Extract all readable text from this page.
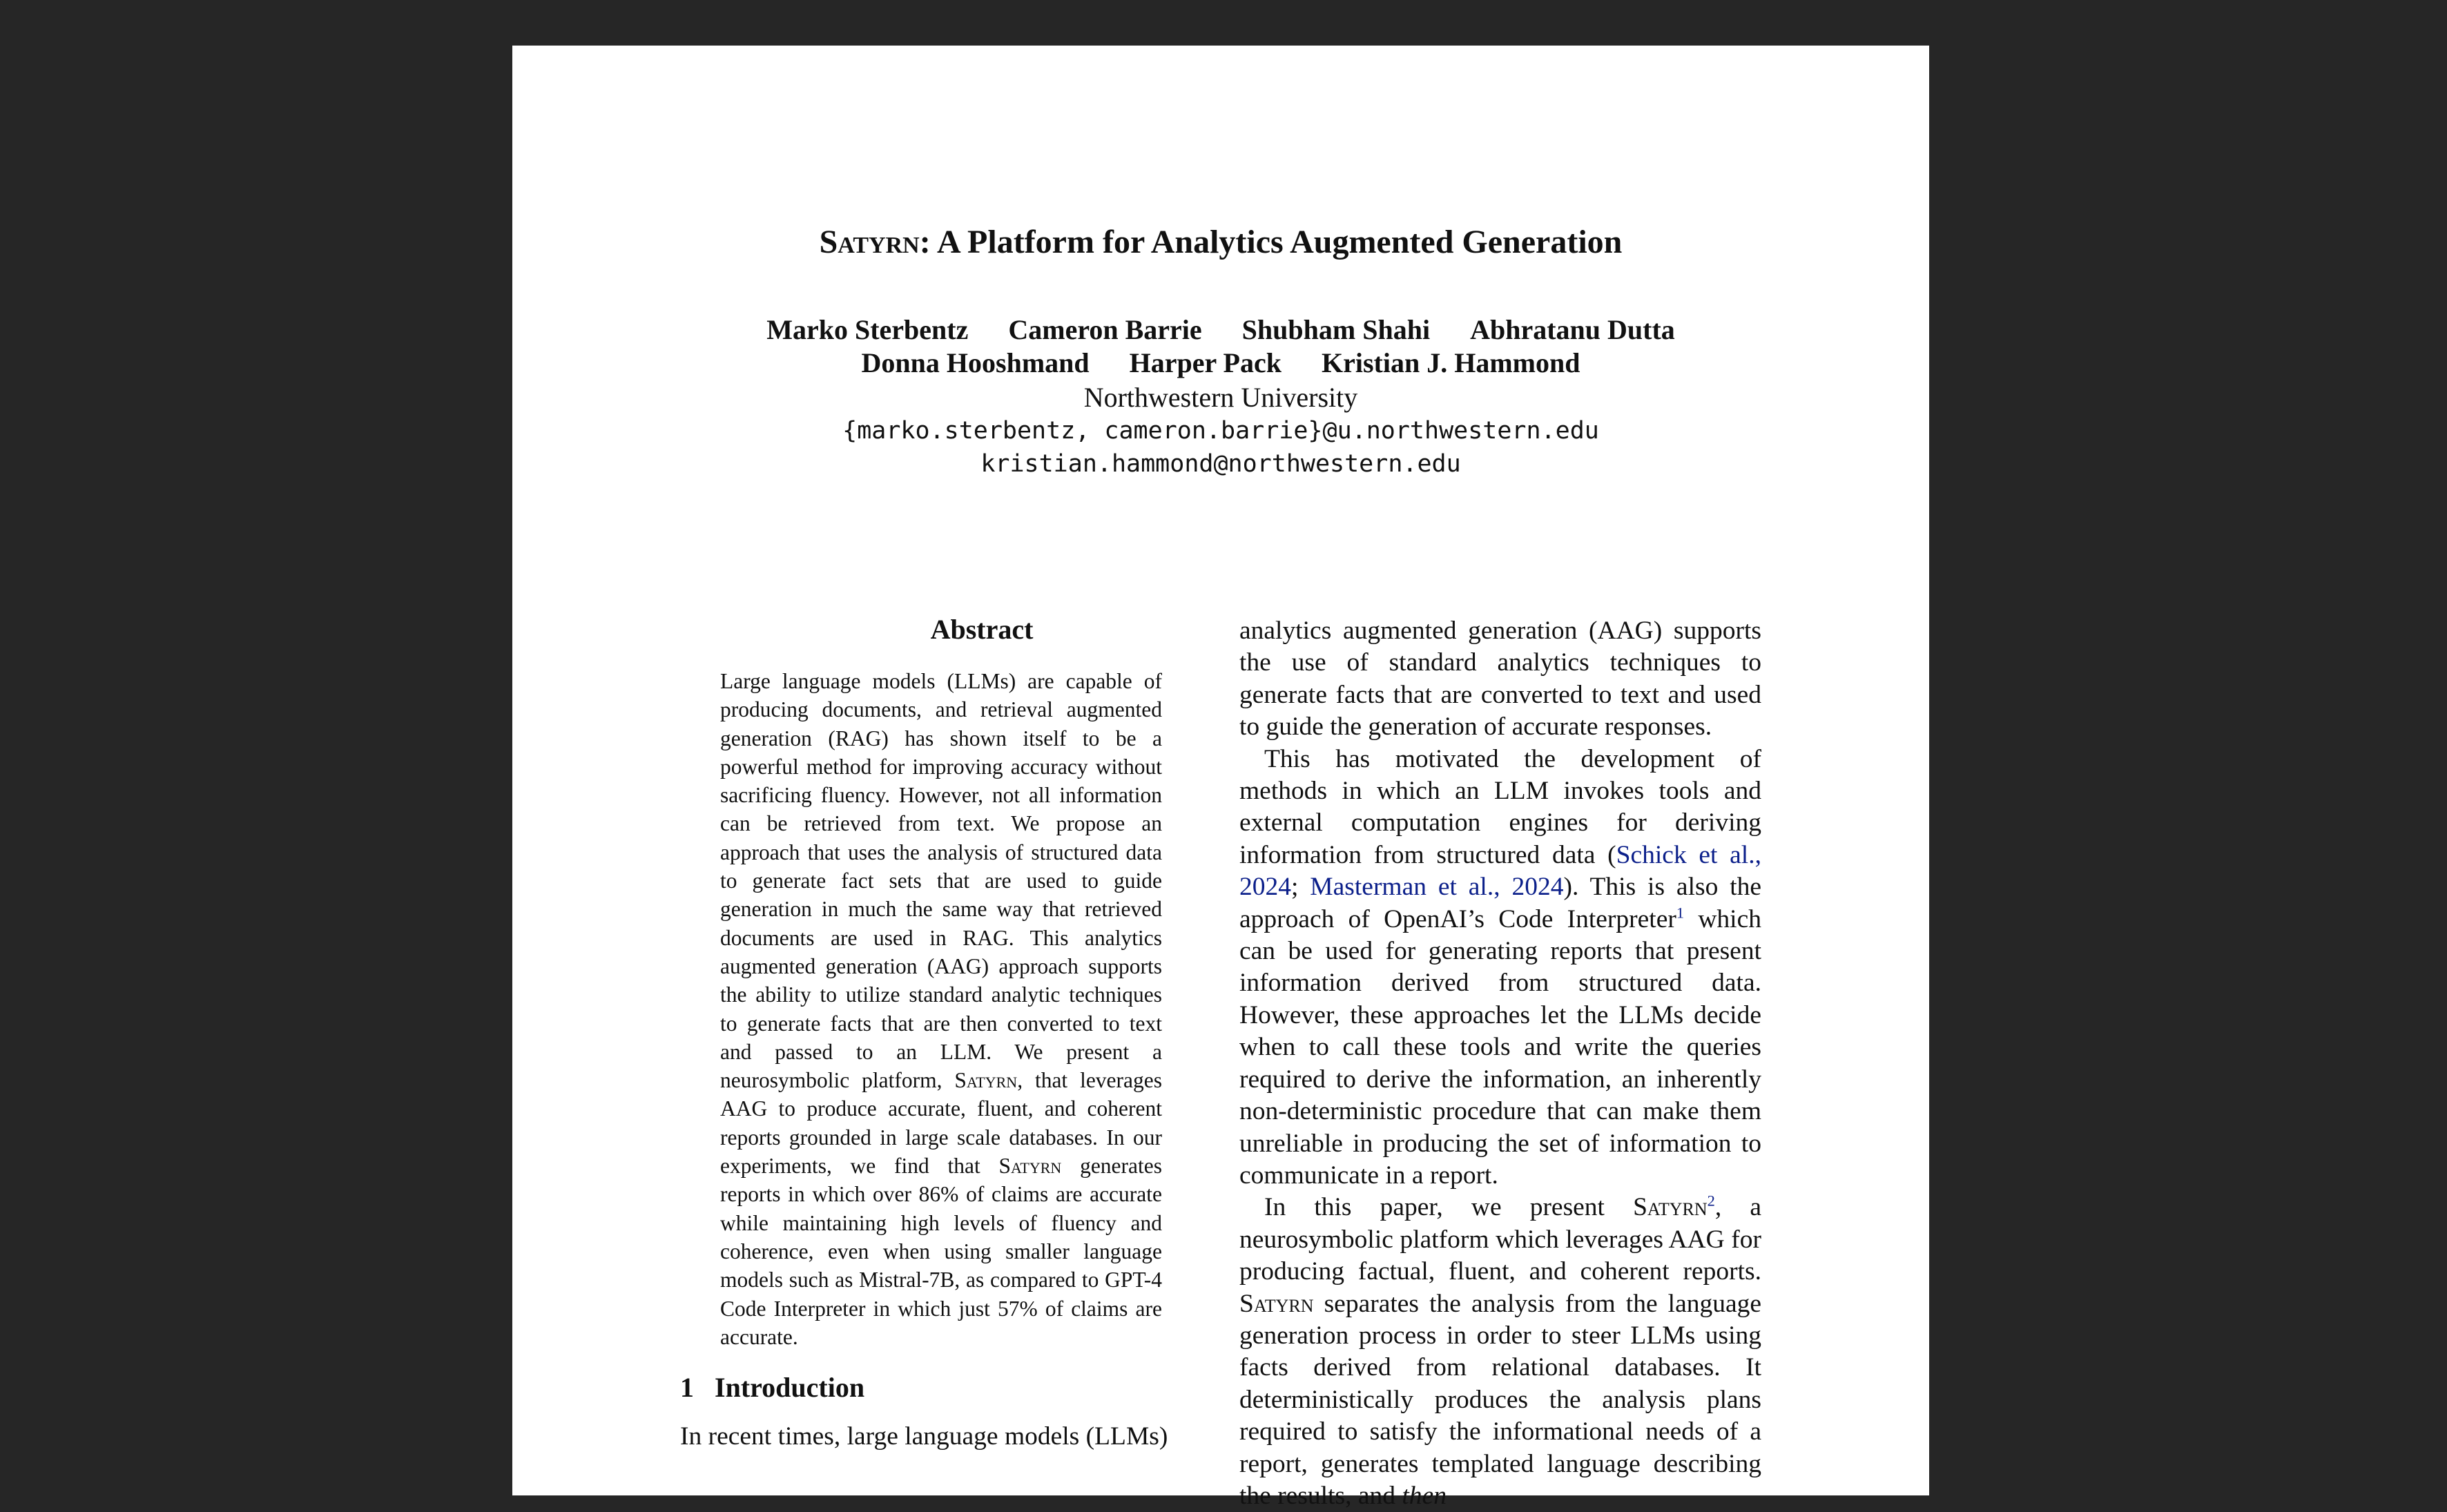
Satyrn: A Platform for Analytics Augmented Generation
Marko Sterbentz Cameron Barrie Shubham Shahi Abhratanu Dutta
Donna Hooshmand Harper Pack Kristian J. Hammond
Northwestern University
{marko.sterbentz, cameron.barrie}@u.northwestern.edu
kristian.hammond@northwestern.edu
Abstract
Large language models (LLMs) are capable of producing documents, and retrieval augmented generation (RAG) has shown itself to be a powerful method for improving accuracy without sacrificing fluency. However, not all information can be retrieved from text. We propose an approach that uses the analysis of structured data to generate fact sets that are used to guide generation in much the same way that retrieved documents are used in RAG. This analytics augmented generation (AAG) approach supports the ability to utilize standard analytic techniques to generate facts that are then converted to text and passed to an LLM. We present a neurosymbolic platform, Satyrn, that leverages AAG to produce accurate, fluent, and coherent reports grounded in large scale databases. In our experiments, we find that Satyrn generates reports in which over 86% of claims are accurate while maintaining high levels of fluency and coherence, even when using smaller language models such as Mistral-7B, as compared to GPT-4 Code Interpreter in which just 57% of claims are accurate.
1 Introduction
In recent times, large language models (LLMs)

analytics augmented generation (AAG) supports the use of standard analytics techniques to generate facts that are converted to text and used to guide the generation of accurate responses.

This has motivated the development of methods in which an LLM invokes tools and external computation engines for deriving information from structured data (Schick et al., 2024; Masterman et al., 2024). This is also the approach of OpenAI’s Code Interpreter$^1$ which can be used for generating reports that present information derived from structured data. However, these approaches let the LLMs decide when to call these tools and write the queries required to derive the information, an inherently non-deterministic procedure that can make them unreliable in producing the set of information to communicate in a report.

In this paper, we present Satyrn$^2$, a neurosymbolic platform which leverages AAG for producing factual, fluent, and coherent reports. Satyrn separates the analysis from the language generation process in order to steer LLMs using facts derived from relational databases. It deterministically produces the analysis plans required to satisfy the informational needs of a report, generates templated language describing the results, and then
